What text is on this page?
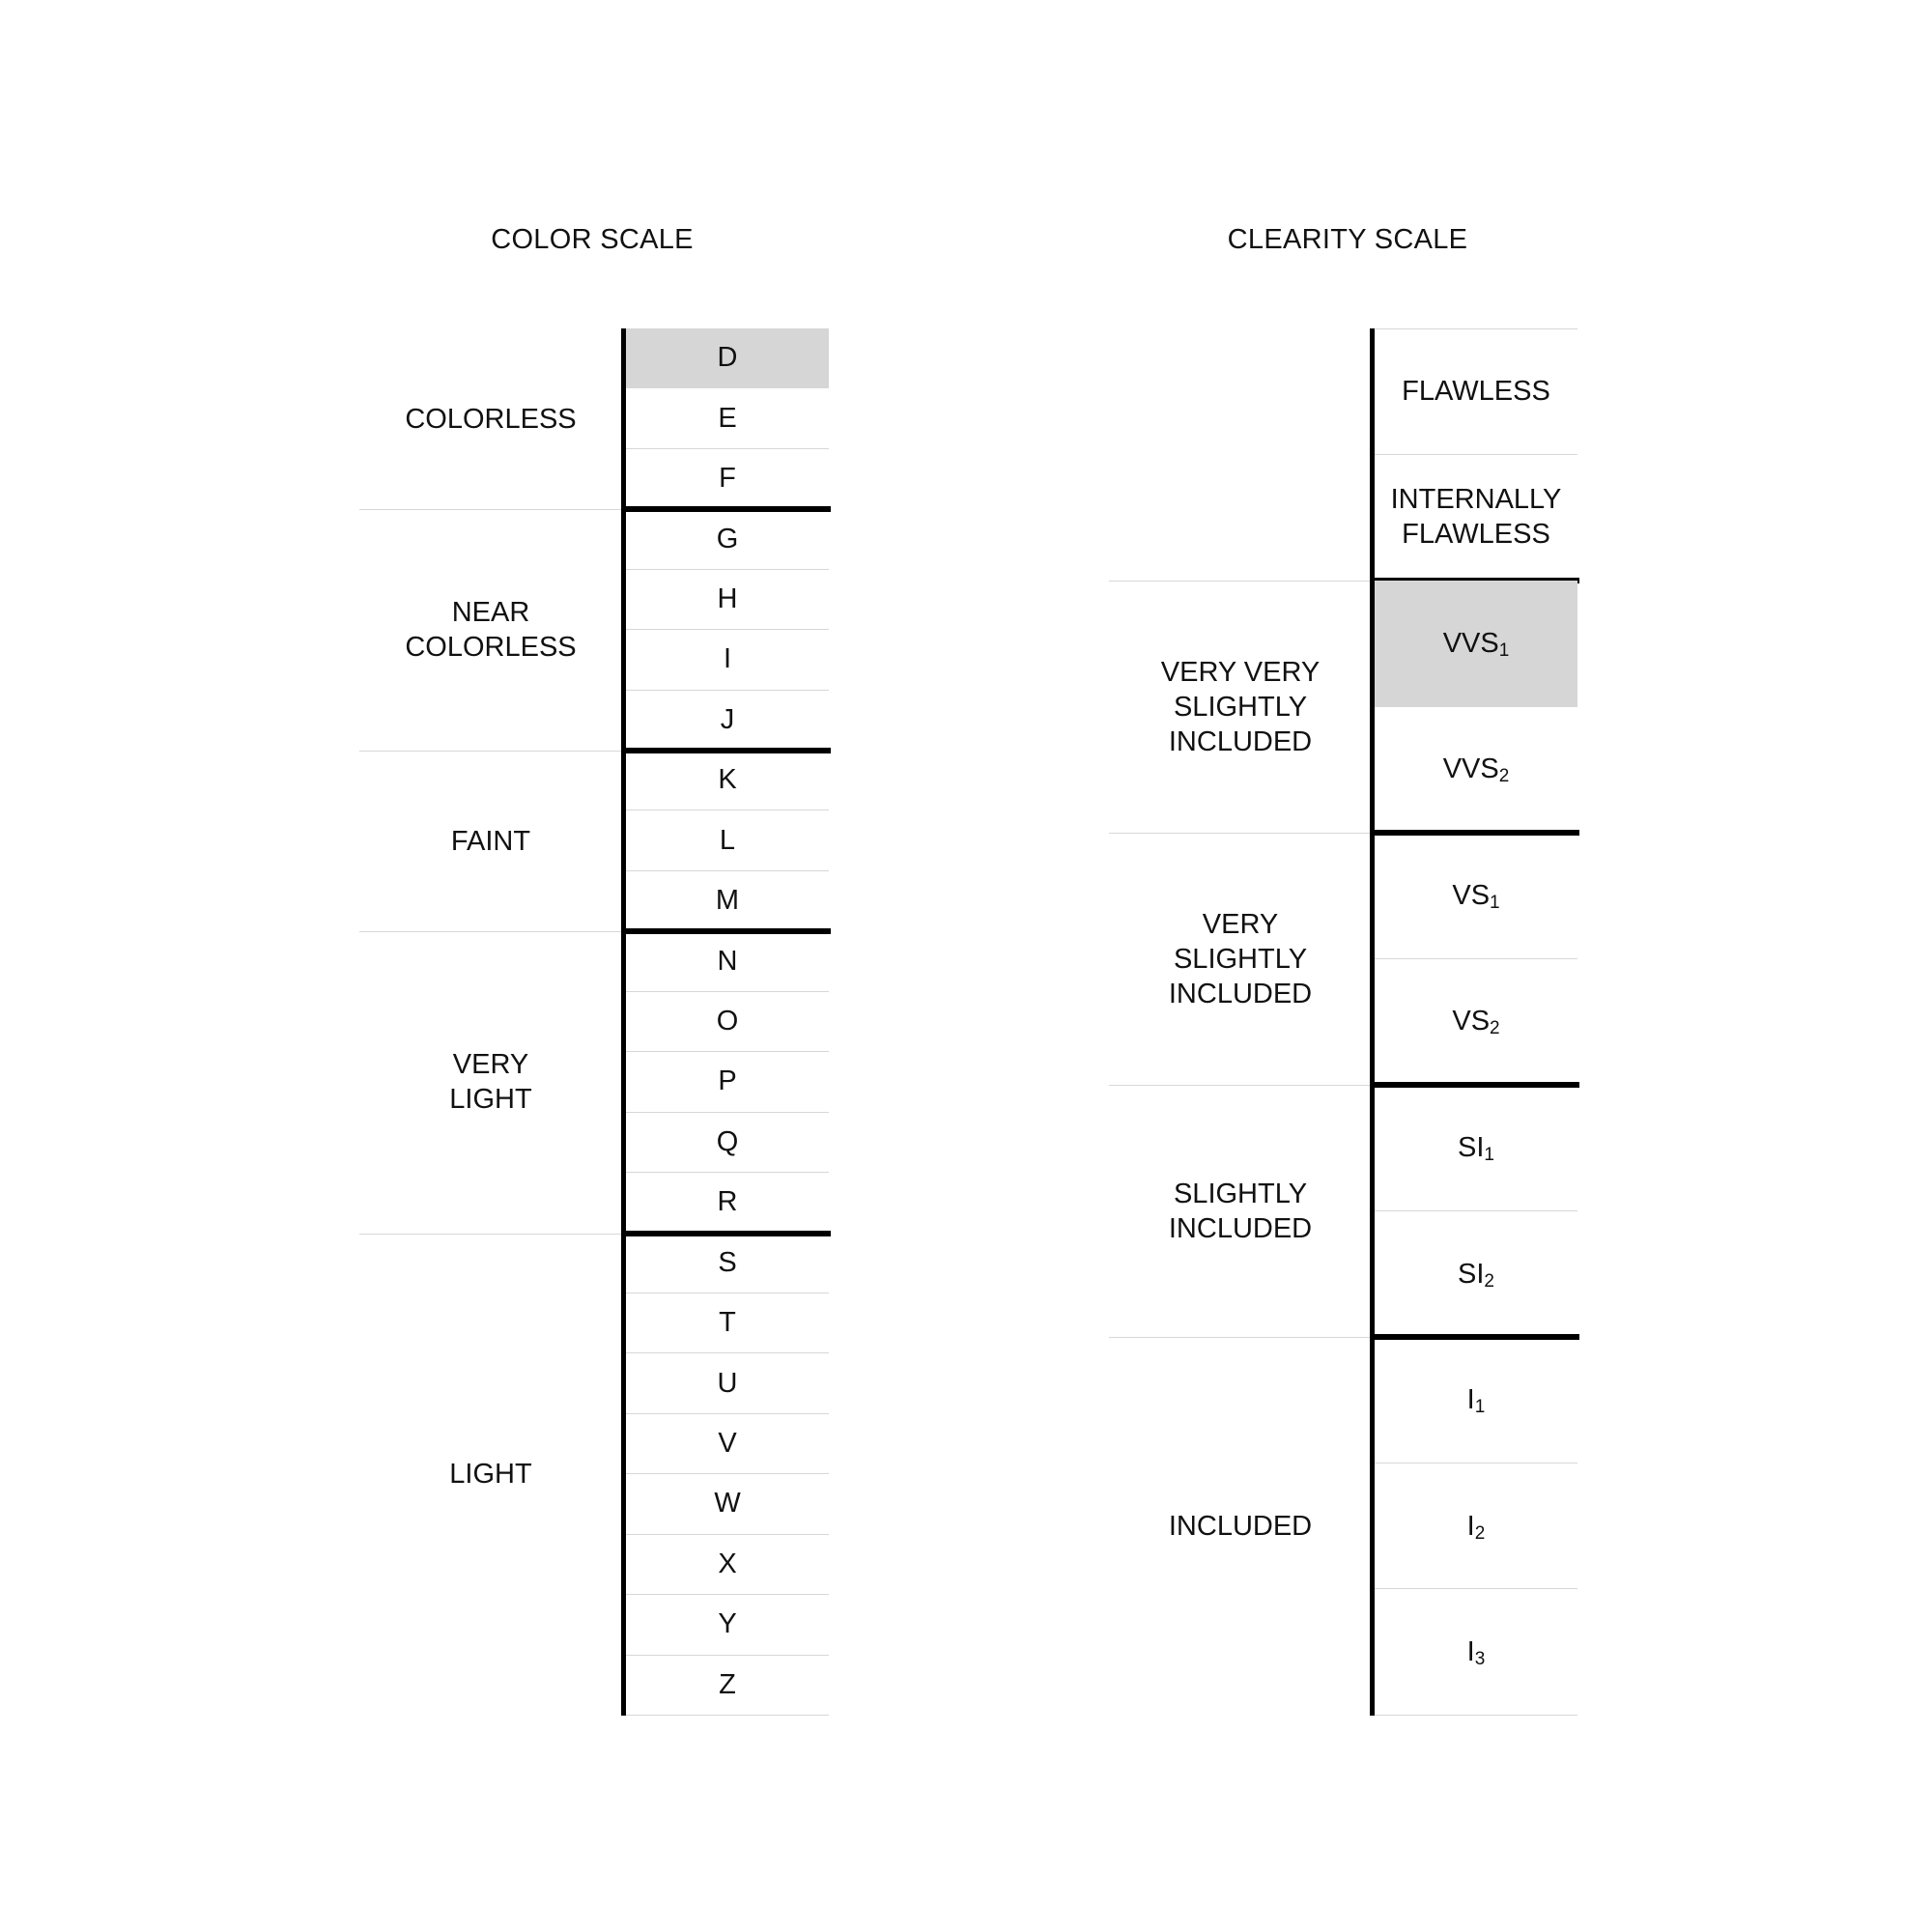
COLOR SCALE	CLEARITY SCALE
D
E
F
COLORLESS
G
H
I
J
NEAR
COLORLESS
K
L
M
FAINT
N
O
P
Q
R
VERY
LIGHT
S
T
U
V
W
X
Y
Z
LIGHT
FLAWLESS
INTERNALLY
FLAWLESS
$VVS_1$
$VVS_2$
VERY VERY
SLIGHTLY
INCLUDED
$VS_1$
$VS_2$
VERY
SLIGHTLY
INCLUDED
$SI_1$
$SI_2$
SLIGHTLY
INCLUDED
$I_1$
$I_2$
$I_3$
INCLUDED
